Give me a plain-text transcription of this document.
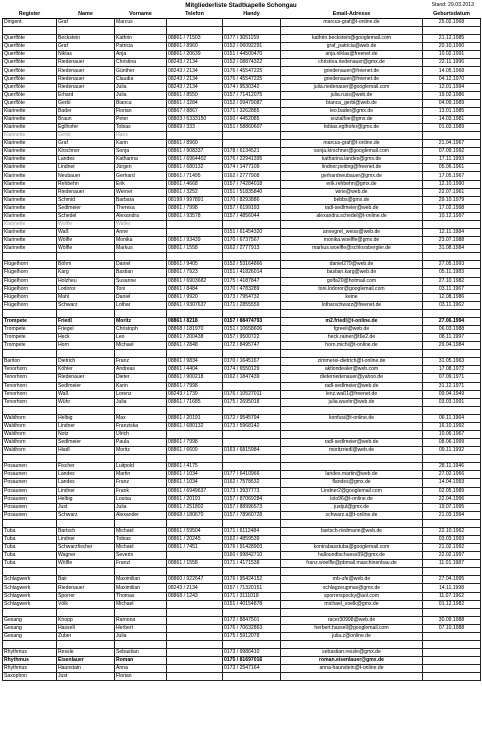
Mitgliederliste Stadtkapelle Schongau	Stand: 29.03.2013
Register	Name	Vorname	Telefon	Handy	Email-Adresse	Geburtsdatum
Dirigent	Graf	Marcus			marcus-graf@t-online.de	25.02.1968

Querflöte	Beckstein	Kathrin	08861 / 71503	0177 / 3051159	kathrin.beckstein@googlemail.com	21.12.1985
Querflöte	Graf	Patricia	08861 / 8960	0152 / 06092291	graf_patricia@web.de	20.10.1990
Querflöte	Niklas	Anja	08861 / 20639	0151 / 44500470	anja.niklas@freenet.de	10.02.1991
Querflöte	Riedenauer	Christina	08243 / 2134	0152 / 08874322	christina.riedenauer@gmx.de	22.11.1996
Querflöte	Riedenauer	Günther	08243 / 2134	0176 / 45547225	griedenauer@freenet.de	14.05.1968
Querflöte	Riedenauer	Claudia	08243 / 2134	0176 / 45547225	griedenauer@freenet.de	04.12.1970
Querflöte	Riedenauer	Julia	08243 / 2134	0174 / 9530342	julia.riedenauer@googlemail.com	12.01.1994
Querflöte	Erhard	Julia	08861 / 8550	0157 / 71412075	julia.russ@web.de	19.02.1986
Querflöte	Gerbl	Bianca	08861 / 3284	0152 / 09479087	bianca_gerbl@web.de	04.09.1989
Klarinette	Bader	Florian	08867 / 8867	0171 / 3262885	leo.bader@gmx.de	13.01.1985
Klarinette	Braun	Peter	08803 / 6333150	0160 / 4452085	sozialfoe@gmx.de	14.03.1981
Klarinette	Egilhofer	Tobias	08869 / 333	0151 / 58860607	tobias.eglhofer@gmx.de	01.03.1989
Klarinette	Gerbl	Hans				
Klarinette	Graf	Karin	08861 / 8960		marcus-graf@t-online.de	21.04.1967
Klarinette	Kirschner	Sonja	08861 / 908337	0178 / 6134521	sonja.kirschner@googlemail.com	07.09.1992
Klarinette	Landes	Katharina	08861 / 6964402	0176 / 22941395	katharina.landes@gmx.de	17.11.1993
Klarinette	Lindner	Jürgen	08861 / 680132	0174 / 1477109	lindner.peiting@freenet.de	05.06.1961
Klarinette	Neubauer	Gerhard	08861 / 71495	0162 / 2777908	gerhardneubauer@gmx.de	17.05.1967
Klarinette	Rehbehn	Erik	08861 / 4668	0157 / 74284018	erik.rehbehn@gmx.de	12.10.1990
Klarinette	Riedenauer	Werner	08861 / 3252	0151 / 51835840	wirie@web.de	22.07.1961
Klarinette	Schmid	Barbara	08199 / 997891	0170 / 8293886	bebbs@gmx.de	29.10.1979
Klarinette	Sedlmeier	Theresa	08861 / 7998	0157 / 6199193	radl-sedlmeier@web.de	17.02.1998
Klarinette	Schedel	Alexandra	08861 / 93578	0157 / 4856044	alexandra.schedel@t-online.de	10.12.1997
Klarinette	Wolfle	Walter				
Klarinette	Waß	Anne		0151 / 61454320	annegret_weiss@web.de	12.11.1984
Klarinette	Wölfle	Monika	08861 / 93439	0170 / 6737567	monika.woelfle@gmx.de	23.07.1988
Klarinette	Wölfle	Markus	08861 / 1558	0162 / 2777913	markus.woelfle@schlossbergler.de	31.08.1984

Flügelhorn	Böhm	Daniel	08861 / 9405	0152 / 53164866	daniel279@web.de	27.05.1993
Flügelhorn	Karg	Bastian	08861 / 7923	0151 / 41826014	bastian.karg@web.de	05.11.1983
Flügelhorn	Holzheu	Susanne	08861 / 6903682	0175 / 4187847	golfa20@hotmail.com	27.10.1982
Flügelhorn	Lodoror	Toni	08861 / 8484	0170 / 4783289	toni.lodoror@googlemail.com	03.11.1967
Flügelhorn	Mahl	Daniel	08861 / 9920	0173 / 7954732	keine	12.08.1986
Flügelhorn	Schwarz	Lothar	08861 / 9307637	0171 / 2855559	lotharschwarz@freenet.de	03.11.1962

Trompete	Friedl	Moritz	08861 / 8218	0157 / 88474793	m2.friedl@t-online.de	27.06.1994
Trompete	Friegel	Christoph	08868 / 181970	0151 / 10658606	fgreeli@web.de	06.03.1988
Trompete	Heck	Leo	08861 / 200438	0157 / 9500722	heck.rainer@t6e2.de	08.11.1997
Trompete	Horn	Michael	08861 / 2848	0172 / 8495747	horn.michi@t-online.de	29.04.1984

Bariton	Dietrich	Franz	08861 / 9834	0170 / 1645167	zimmerei-dietrich@t-online.de	31.05.1963
Tenorhorn	Köhler	Andreas	08861 / 4404	0174 / 6550129	aktiondealer@web.com	17.08.1972
Tenorhorn	Riedenauer	Dieter	08861 / 900218	0162 / 1847439	dieterriedenauer@yahoo.de	07.09.1971
Tenorhorn	Sedlmeier	Karin	08861 / 7998		radl-sedlmeier@web.de	31.12.1971
Tenorhorn	Waß	Lorenz	08243 / 1739	0176 / 10527011	lenz.waß1@freenet.de	09.04.1949
Tenorhorn	Wühr	Julia	08861 / 71685	0175 / 2695018	julia.wuehr@web.de	03.03.1991

Waldhorn	Helbig	Max	08861 / 20191	0172 / 9545794	konfusi@t-online.de	06.11.1964
Waldhorn	Lindner	Franziska	08861 / 680132	0173 / 5968142		16.10.1992
Waldhorn	Notz	Ulrich				10.06.1967
Waldhorn	Sedlmeier	Paula	08861 / 7998		radl-sedlmeier@web.de	08.06.1999
Waldhorn	Hiadl	Moritz	08861 / 6609	0163 / 6815984	moritzriedl@web.de	09.11.1992

Posaunen	Fischer	Luitpold	08861 / 4175			28.11.1946
Posaunen	Landes	Martin	08861 / 1034	0177 / 6410966	landes.martin@web.de	27.02.1966
Posaunen	Landes	Franz	08861 / 1034	0162 / 7578632	flandes@gmx.de	14.04.1993
Posaunen	Lindner	Frank	08861 / 6949637	0173 / 3937773	Lindner2@googlemail.com	02.05.1989
Posaunen	Helbig	Louisa	08861 / 20191	0157 / 87069284	lolo96@t-online.de	22.04.1996
Posaunen	Just	Julia	08861 / 251802	0157 / 88996573	justjul@gmx.de	19.07.1995
Posaunen	Schwarz	Alexander	08868 / 180670	0157 / 78960728	schwarz.a@t-online.de	21.03.1994

Tuba	Bartsch	Michael	08861 / 59504	0171 / 6112484	bartsch-riedmann@web.de	22.10.1962
Tuba	Lindner	Tobias	08861 / 20245	0162 / 4859539		03.03.1993
Tuba	Schwarzfischer	Michael	08861 / 7451	0176 / 91428903	kontrabasstuba@googlemail.com	21.02.1992
Tuba	Wagner	Severin		0160 / 99842710	halloundtschuess99@gmx.de	22.02.1997
Tuba	Wölfle	Franzi	08861 / 1558	0171 / 4171538	franz.woelfle@pbmail.maschinenbau.de	11.01.1987

Schlagwerk	Bair	Maximilian	08860 / 922647	0176 / 95424152	mb-ufe@web.de	27.04.1995
Schlagwerk	Riedenauer	Maximilian	08243 / 2134	0157 / 71320151	schlagzeugmax@gmx.de	14.11.1998
Schlagwerk	Sporrer	Thomas	08868 / 1243	0171 / 3111018	sporrerspocky@aol.com	11.07.1962
Schlagwerk	Völk	Michael		0151 / 40154878	michael_voelk@gmx.de	01.12.1982

Gesang	Knopp	Ramona		0172 / 8847501	racer30998@web.de	30.09.1988
Gesang	Hassell	Herbert		0176 / 70632863	herbert.hassell@googlemail.com	07.10.1988
Gesang	Zuber	Julia		0175 / 5912078	julia.z@online.de	

Rhythmus	Ressle	Sebastian		0173 / 9986410	sebastian.ressle@gmx.de	
Rhythmus	Eisenlauer	Roman		0175 / 81697016	roman.eisenlauer@gmx.de	
Rhythmus	Haunstain	Anna		0173 / 2547164	anna-haunstein@t-online.de	
Saxophon	Just	Florian				
